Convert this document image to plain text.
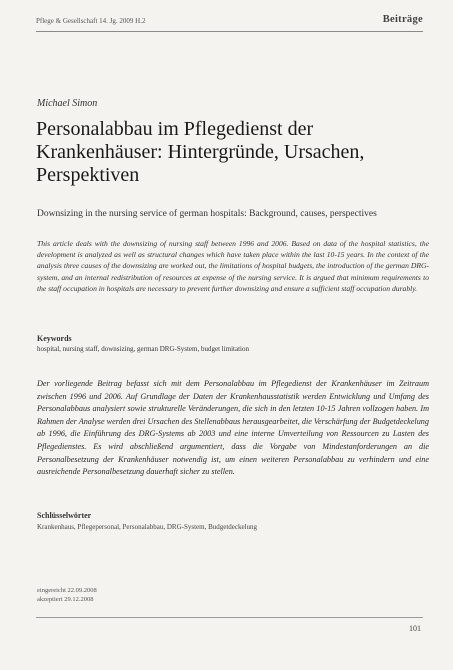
Pflege & Gesellschaft 14. Jg. 2009 H.2	Beiträge
Michael Simon
Personalabbau im Pflegedienst der Krankenhäuser: Hintergründe, Ursachen, Perspektiven
Downsizing in the nursing service of german hospitals: Background, causes, perspectives
This article deals with the downsizing of nursing staff between 1996 and 2006. Based on data of the hospital statistics, the development is analyzed as well as structural changes which have taken place within the last 10-15 years. In the context of the analysis three causes of the downsizing are worked out, the limitations of hospital budgets, the introduction of the german DRG-system, and an internal redistribution of resources at expense of the nursing service. It is argued that minimum requirements to the staff occupation in hospitals are necessary to prevent further downsizing and ensure a sufficient staff occupation durably.
Keywords
hospital, nursing staff, downsizing, german DRG-System, budget limitation
Der vorliegende Beitrag befasst sich mit dem Personalabbau im Pflegedienst der Krankenhäuser im Zeitraum zwischen 1996 und 2006. Auf Grundlage der Daten der Krankenhausstatistik werden Entwicklung und Umfang des Personalabbaus analysiert sowie strukturelle Veränderungen, die sich in den letzten 10-15 Jahren vollzogen haben. Im Rahmen der Analyse werden drei Ursachen des Stellenabbaus herausgearbeitet, die Verschärfung der Budgetdeckelung ab 1996, die Einführung des DRG-Systems ab 2003 und eine interne Umverteilung von Ressourcen zu Lasten des Pflegedienstes. Es wird abschließend argumentiert, dass die Vorgabe von Mindestanforderungen an die Personalbesetzung der Krankenhäuser notwendig ist, um einen weiteren Personalabbau zu verhindern und eine ausreichende Personalbesetzung dauerhaft sicher zu stellen.
Schlüsselwörter
Krankenhaus, Pflegepersonal, Personalabbau, DRG-System, Budgetdeckelung
eingereicht 22.09.2008
akzeptiert 29.12.2008
101
